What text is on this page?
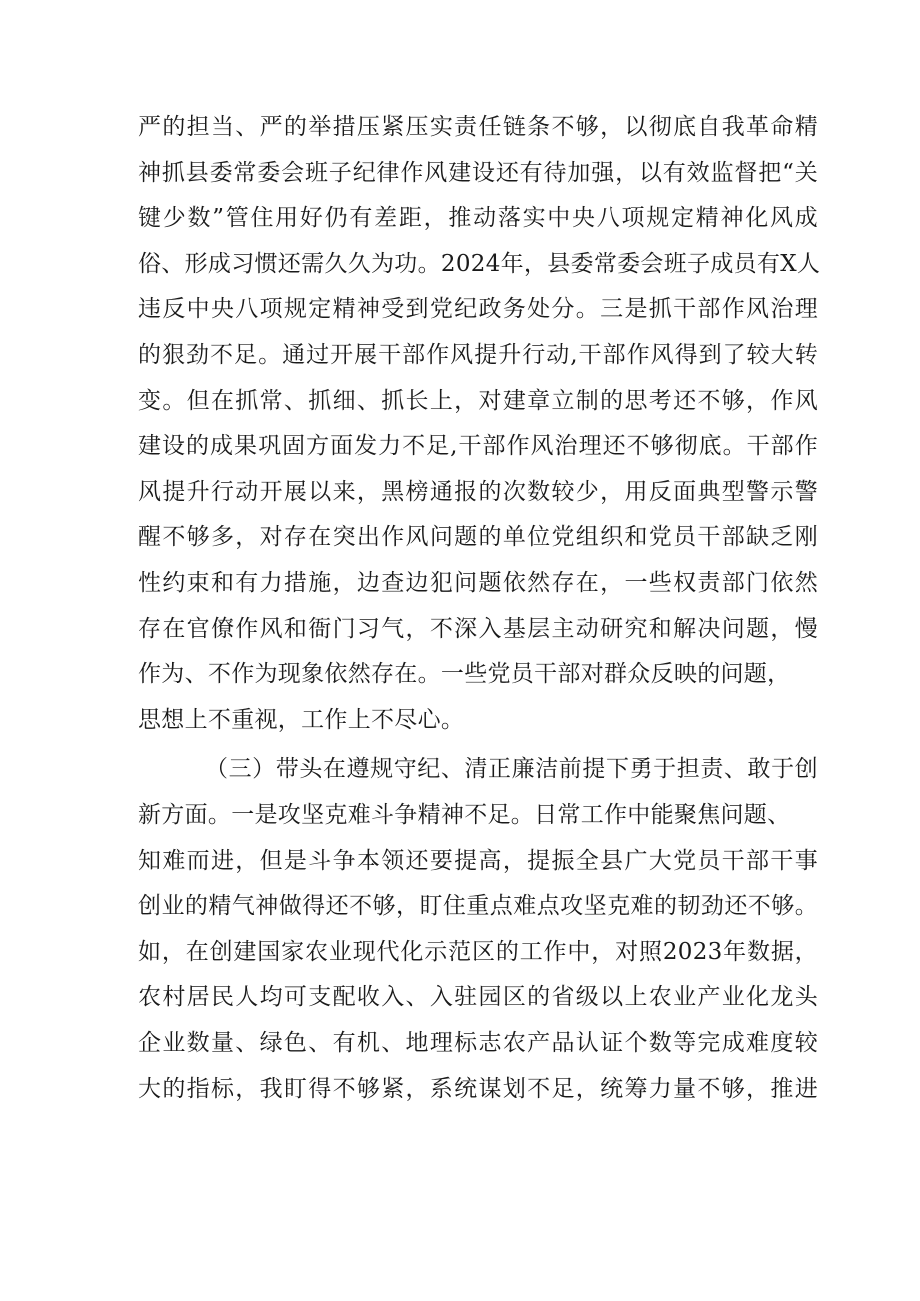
严的担当、严的举措压紧压实责任链条不够，以彻底自我革命精
神抓县委常委会班子纪律作风建设还有待加强，以有效监督把“关
键少数”管住用好仍有差距，推动落实中央八项规定精神化风成
俗、形成习惯还需久久为功。2024年，县委常委会班子成员有X人
违反中央八项规定精神受到党纪政务处分。三是抓干部作风治理
的狠劲不足。通过开展干部作风提升行动,干部作风得到了较大转
变。但在抓常、抓细、抓长上，对建章立制的思考还不够，作风
建设的成果巩固方面发力不足,干部作风治理还不够彻底。干部作
风提升行动开展以来，黑榜通报的次数较少，用反面典型警示警
醒不够多，对存在突出作风问题的单位党组织和党员干部缺乏刚
性约束和有力措施，边查边犯问题依然存在，一些权责部门依然
存在官僚作风和衙门习气，不深入基层主动研究和解决问题，慢
作为、不作为现象依然存在。一些党员干部对群众反映的问题，
思想上不重视，工作上不尽心。
（三）带头在遵规守纪、清正廉洁前提下勇于担责、敢于创
新方面。一是攻坚克难斗争精神不足。日常工作中能聚焦问题、
知难而进，但是斗争本领还要提高，提振全县广大党员干部干事
创业的精气神做得还不够，盯住重点难点攻坚克难的韧劲还不够。
如，在创建国家农业现代化示范区的工作中，对照2023年数据，
农村居民人均可支配收入、入驻园区的省级以上农业产业化龙头
企业数量、绿色、有机、地理标志农产品认证个数等完成难度较
大的指标，我盯得不够紧，系统谋划不足，统筹力量不够，推进
